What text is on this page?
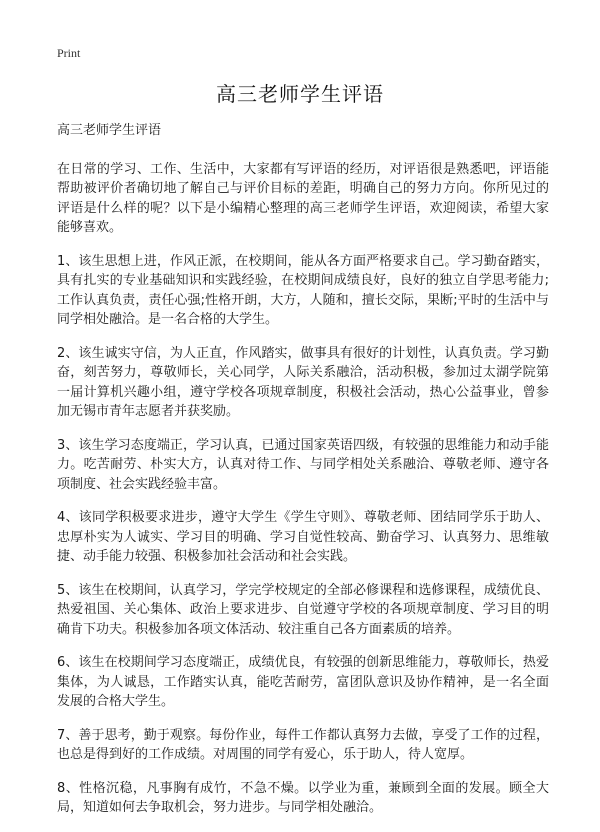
Print
高三老师学生评语

高三老师学生评语

在日常的学习、工作、生活中，大家都有写评语的经历，对评语很是熟悉吧，评语能帮助被评价者确切地了解自己与评价目标的差距，明确自己的努力方向。你所见过的评语是什么样的呢？以下是小编精心整理的高三老师学生评语，欢迎阅读，希望大家能够喜欢。

1、该生思想上进，作风正派，在校期间，能从各方面严格要求自己。学习勤奋踏实，具有扎实的专业基础知识和实践经验，在校期间成绩良好，良好的独立自学思考能力;工作认真负责，责任心强;性格开朗，大方，人随和，擅长交际，果断;平时的生活中与同学相处融洽。是一名合格的大学生。

2、该生诚实守信，为人正直，作风踏实，做事具有很好的计划性，认真负责。学习勤奋，刻苦努力，尊敬师长，关心同学，人际关系融洽，活动积极，参加过太湖学院第一届计算机兴趣小组，遵守学校各项规章制度，积极社会活动，热心公益事业，曾参加无锡市青年志愿者并获奖励。

3、该生学习态度端正，学习认真，已通过国家英语四级，有较强的思维能力和动手能力。吃苦耐劳、朴实大方，认真对待工作、与同学相处关系融洽、尊敬老师、遵守各项制度、社会实践经验丰富。

4、该同学积极要求进步，遵守大学生《学生守则》、尊敬老师、团结同学乐于助人、忠厚朴实为人诚实、学习目的明确、学习自觉性较高、勤奋学习、认真努力、思维敏捷、动手能力较强、积极参加社会活动和社会实践。

5、该生在校期间，认真学习，学完学校规定的全部必修课程和选修课程，成绩优良、热爱祖国、关心集体、政治上要求进步、自觉遵守学校的各项规章制度、学习目的明确肯下功夫。积极参加各项文体活动、较注重自己各方面素质的培养。

6、该生在校期间学习态度端正，成绩优良，有较强的创新思维能力，尊敬师长，热爱集体，为人诚恳，工作踏实认真，能吃苦耐劳，富团队意识及协作精神，是一名全面发展的合格大学生。

7、善于思考，勤于观察。每份作业，每件工作都认真努力去做，享受了工作的过程，也总是得到好的工作成绩。对周围的同学有爱心，乐于助人，待人宽厚。

8、性格沉稳，凡事胸有成竹，不急不燥。以学业为重，兼顾到全面的发展。顾全大局，知道如何去争取机会，努力进步。与同学相处融洽。
